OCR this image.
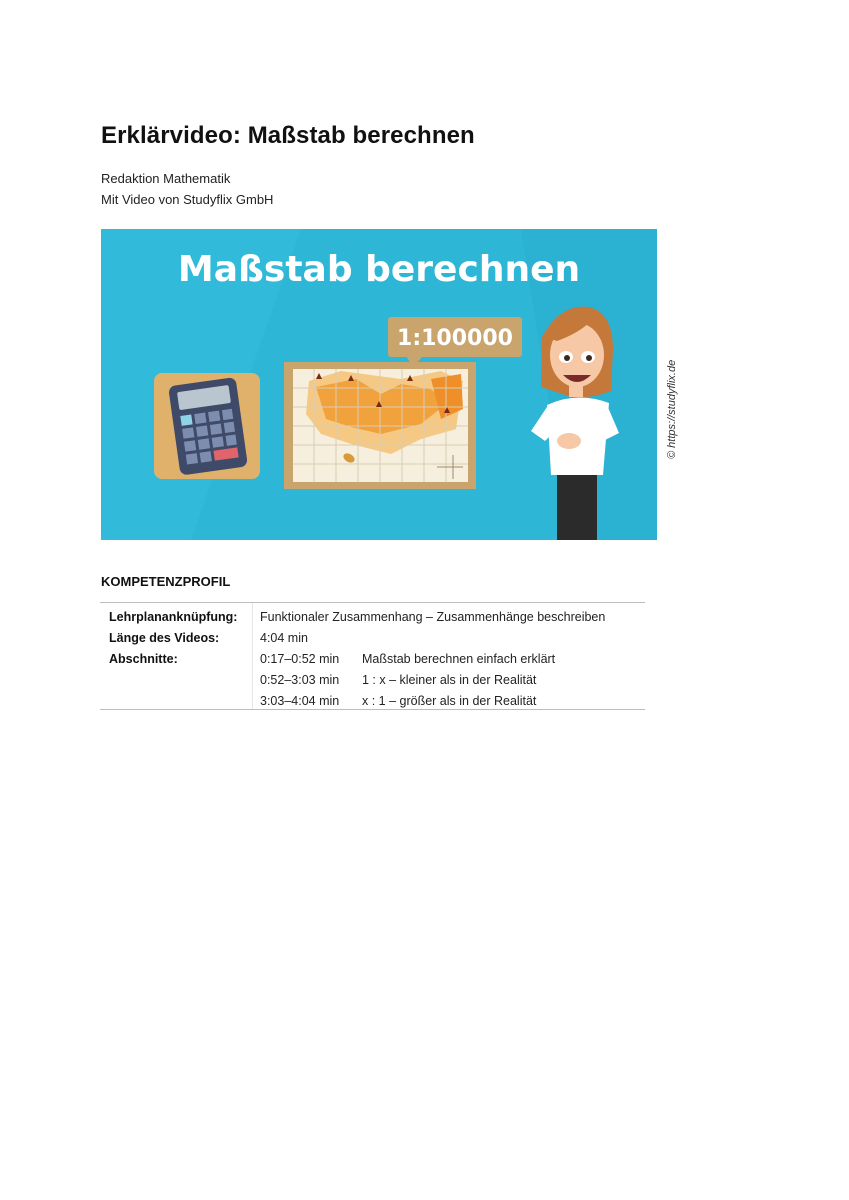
Erklärvideo: Maßstab berechnen
Redaktion Mathematik
Mit Video von Studyflix GmbH
Maßstab berechnen
1:100000
© https://studyflix.de
KOMPETENZPROFIL
Lehrplananknüpfung: Funktionaler Zusammenhang – Zusammenhänge beschreiben
Länge des Videos:	4:04 min
Abschnitte:	0:17–0:52 min Maßstab berechnen einfach erklärt
0:52–3:03 min 1 : x – kleiner als in der Realität
3:03–4:04 min x : 1 – größer als in der Realität
